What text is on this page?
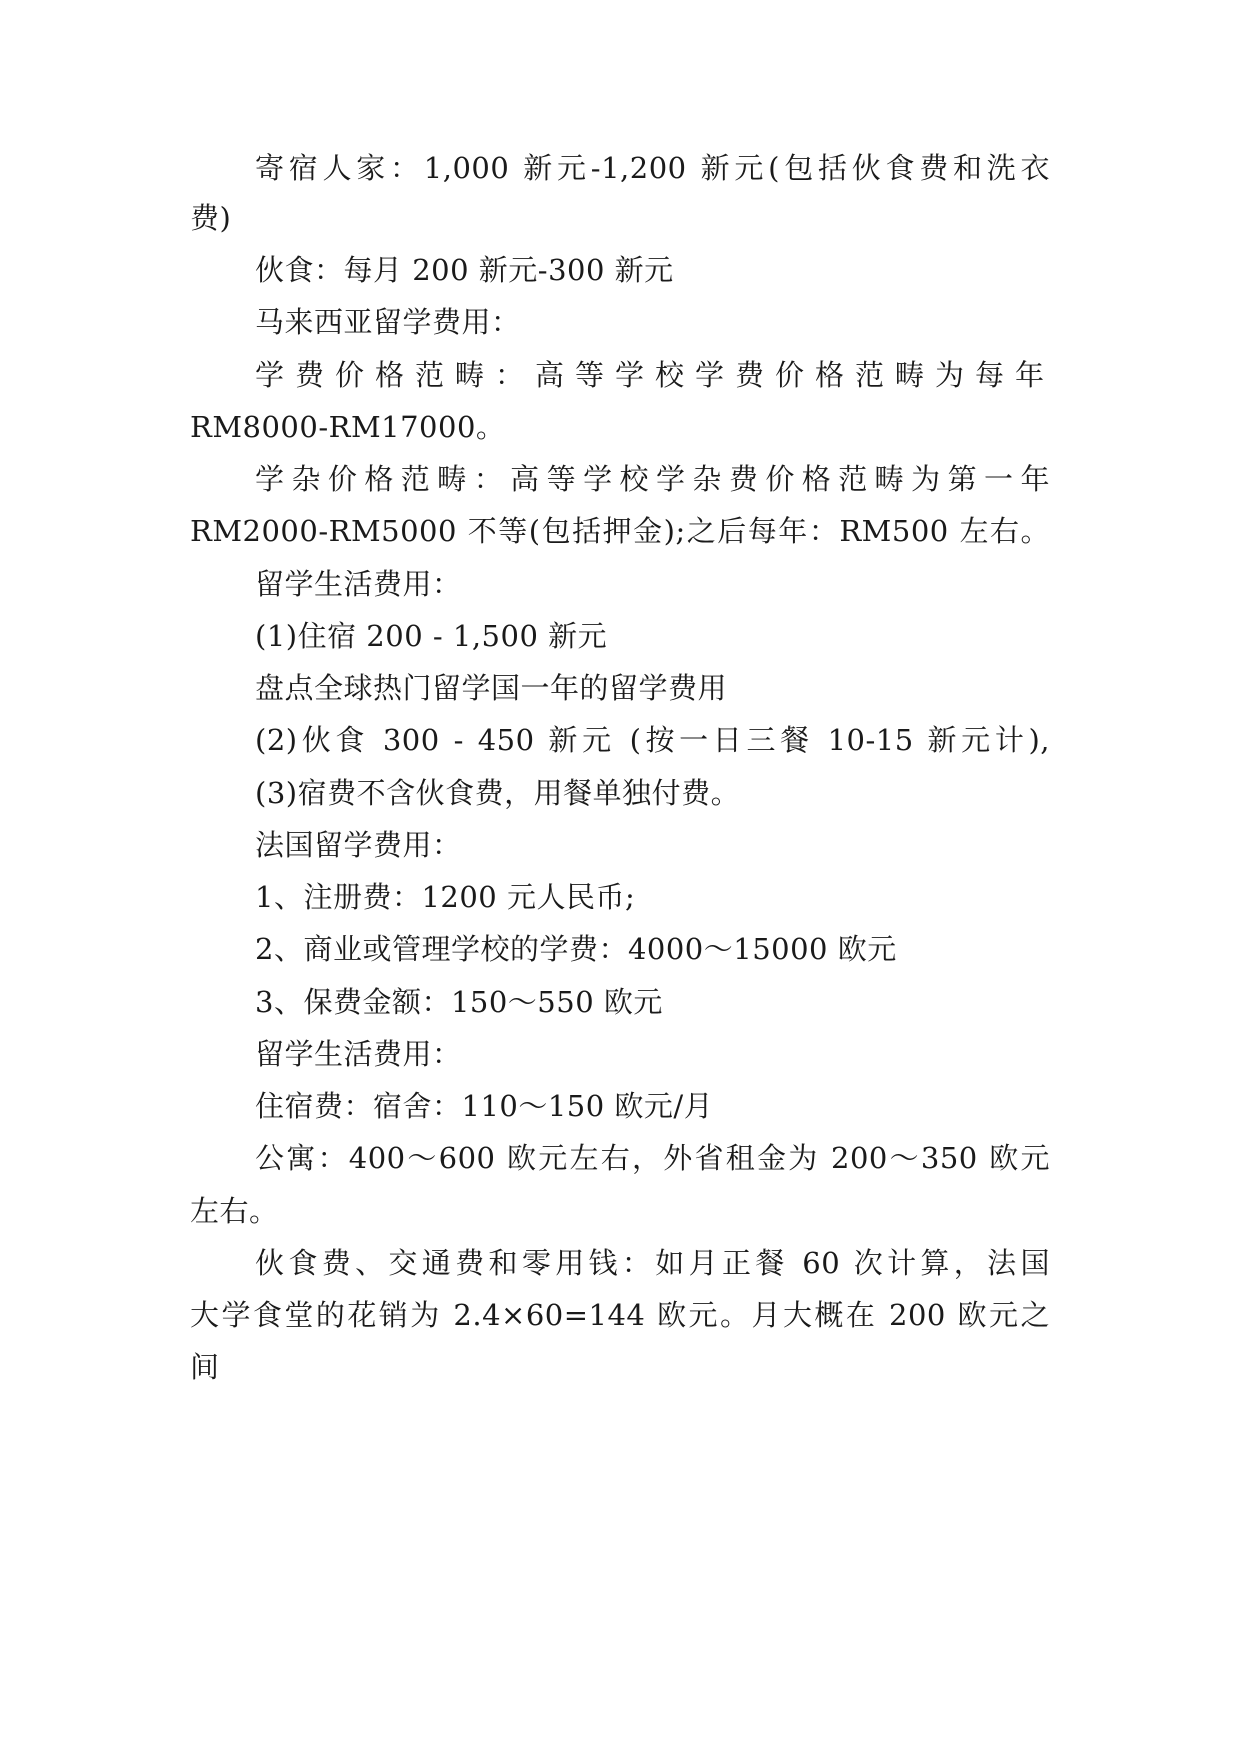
寄宿人家：1,000 新元-1,200 新元(包括伙食费和洗衣
费)
伙食：每月 200 新元-300 新元
马来西亚留学费用：
学费价格范畴：高等学校学费价格范畴为每年
RM8000-RM17000。
学杂价格范畴：高等学校学杂费价格范畴为第一年
RM2000-RM5000 不等(包括押金);之后每年：RM500 左右。
留学生活费用：
(1)住宿 200 - 1,500 新元
盘点全球热门留学国一年的留学费用
(2)伙食 300 - 450 新元 (按一日三餐 10-15 新元计),
(3)宿费不含伙食费，用餐单独付费。
法国留学费用：
1、注册费：1200 元人民币;
2、商业或管理学校的学费：4000～15000 欧元
3、保费金额：150～550 欧元
留学生活费用：
住宿费：宿舍：110～150 欧元/月
公寓：400～600 欧元左右，外省租金为 200～350 欧元
左右。
伙食费、交通费和零用钱：如月正餐 60 次计算，法国
大学食堂的花销为 2.4×60=144 欧元。月大概在 200 欧元之
间
